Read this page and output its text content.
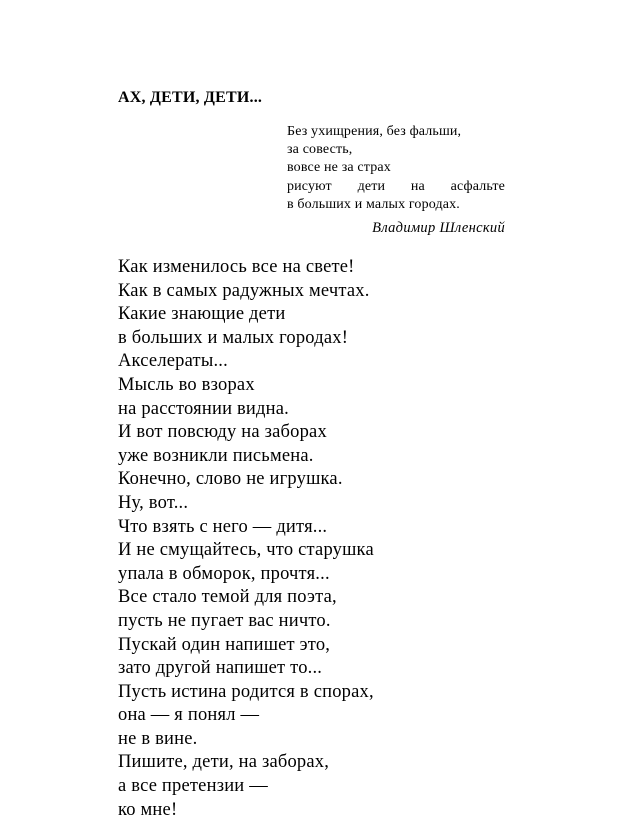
АХ, ДЕТИ, ДЕТИ...
Без ухищрения, без фальши,
за совесть,
вовсе не за страх
рисуют дети на асфальте
в больших и малых городах.
Владимир Шленский
Как изменилось все на свете!
Как в самых радужных мечтах.
Какие знающие дети
в больших и малых городах!
Акселераты...
Мысль во взорах
на расстоянии видна.
И вот повсюду на заборах
уже возникли письмена.
Конечно, слово не игрушка.
Ну, вот...
Что взять с него — дитя...
И не смущайтесь, что старушка
упала в обморок, прочтя...
Все стало темой для поэта,
пусть не пугает вас ничто.
Пускай один напишет это,
зато другой напишет то...
Пусть истина родится в спорах,
она — я понял —
не в вине.
Пишите, дети, на заборах,
а все претензии —
ко мне!
